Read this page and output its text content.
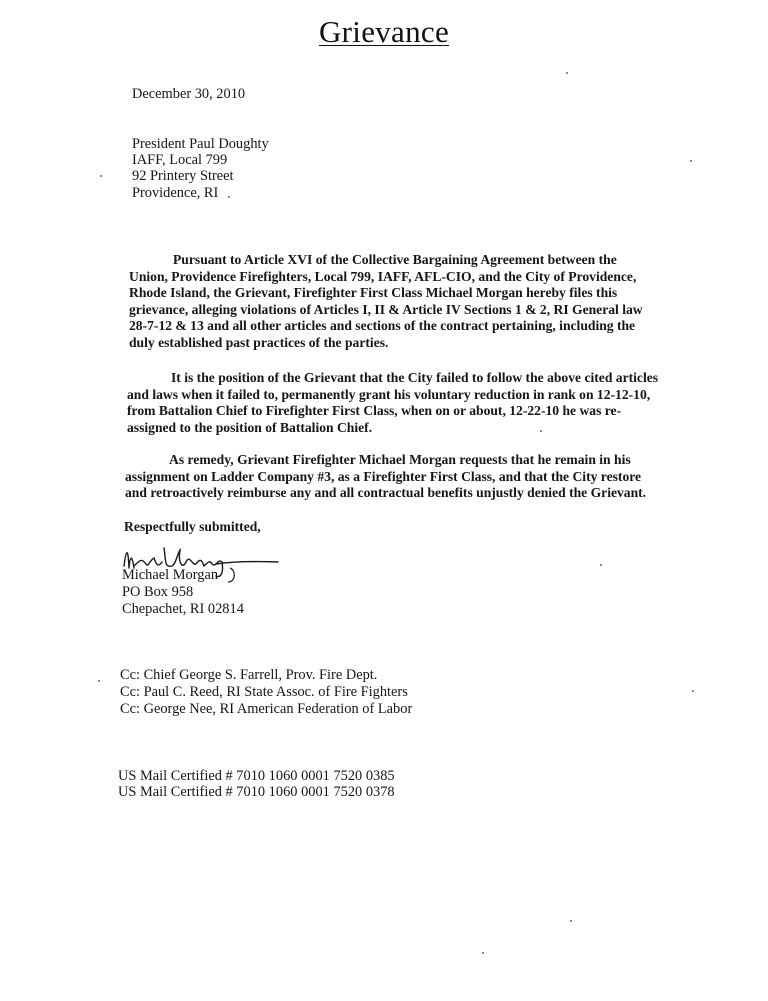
Grievance
December 30, 2010
President Paul Doughty
IAFF, Local 799
92 Printery Street
Providence, RI
Pursuant to Article XVI of the Collective Bargaining Agreement between the Union, Providence Firefighters, Local 799, IAFF, AFL-CIO, and the City of Providence, Rhode Island, the Grievant, Firefighter First Class Michael Morgan hereby files this grievance, alleging violations of Articles I, II & Article IV Sections 1 & 2, RI General law 28-7-12 & 13 and all other articles and sections of the contract pertaining, including the duly established past practices of the parties.
It is the position of the Grievant that the City failed to follow the above cited articles and laws when it failed to, permanently grant his voluntary reduction in rank on 12-12-10, from Battalion Chief to Firefighter First Class, when on or about, 12-22-10 he was re-assigned to the position of Battalion Chief.
As remedy, Grievant Firefighter Michael Morgan requests that he remain in his assignment on Ladder Company #3, as a Firefighter First Class, and that the City restore and retroactively reimburse any and all contractual benefits unjustly denied the Grievant.
Respectfully submitted,
Michael Morgan
PO Box 958
Chepachet, RI 02814
Cc: Chief George S. Farrell, Prov. Fire Dept.
Cc: Paul C. Reed, RI State Assoc. of Fire Fighters
Cc: George Nee, RI American Federation of Labor
US Mail Certified # 7010 1060 0001 7520 0385
US Mail Certified # 7010 1060 0001 7520 0378
